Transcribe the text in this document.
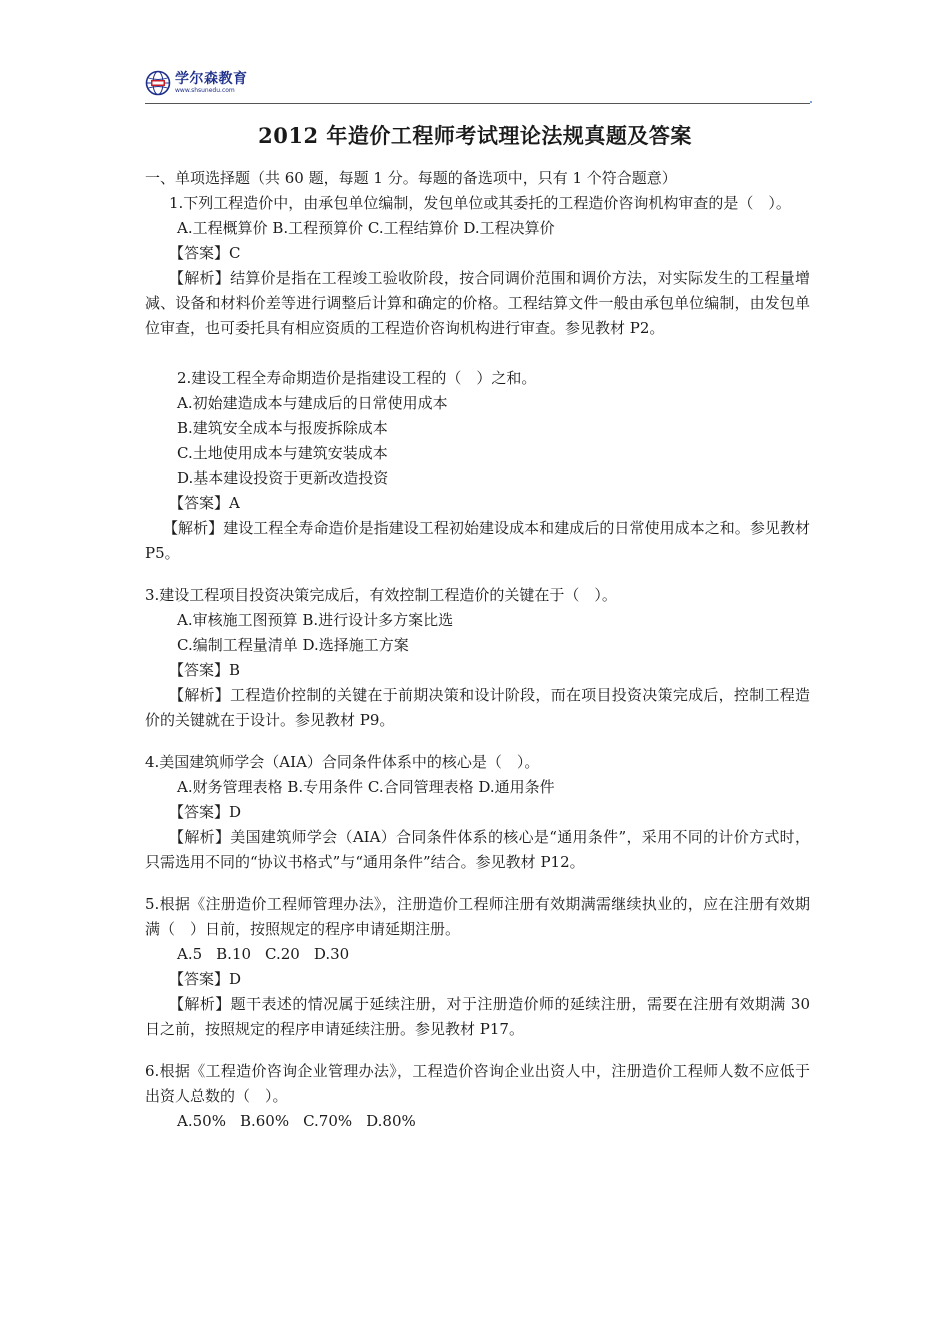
学尔森教育
www.shsunedu.com
2012 年造价工程师考试理论法规真题及答案
一、单项选择题（共 60 题，每题 1 分。每题的备选项中，只有 1 个符合题意）
1.下列工程造价中，由承包单位编制，发包单位或其委托的工程造价咨询机构审查的是（　）。
A.工程概算价 B.工程预算价 C.工程结算价 D.工程决算价
【答案】C
【解析】结算价是指在工程竣工验收阶段，按合同调价范围和调价方法，对实际发生的工程量增减、设备和材料价差等进行调整后计算和确定的价格。工程结算文件一般由承包单位编制，由发包单位审查，也可委托具有相应资质的工程造价咨询机构进行审查。参见教材 P2。
2.建设工程全寿命期造价是指建设工程的（　）之和。
A.初始建造成本与建成后的日常使用成本
B.建筑安全成本与报废拆除成本
C.土地使用成本与建筑安装成本
D.基本建设投资于更新改造投资
【答案】A
【解析】建设工程全寿命造价是指建设工程初始建设成本和建成后的日常使用成本之和。参见教材 P5。
3.建设工程项目投资决策完成后，有效控制工程造价的关键在于（　）。
A.审核施工图预算 B.进行设计多方案比选
C.编制工程量清单 D.选择施工方案
【答案】B
【解析】工程造价控制的关键在于前期决策和设计阶段，而在项目投资决策完成后，控制工程造价的关键就在于设计。参见教材 P9。
4.美国建筑师学会（AIA）合同条件体系中的核心是（　）。
A.财务管理表格 B.专用条件 C.合同管理表格 D.通用条件
【答案】D
【解析】美国建筑师学会（AIA）合同条件体系的核心是“通用条件”，采用不同的计价方式时，只需选用不同的“协议书格式”与“通用条件”结合。参见教材 P12。
5.根据《注册造价工程师管理办法》，注册造价工程师注册有效期满需继续执业的，应在注册有效期满（　）日前，按照规定的程序申请延期注册。
A.5 B.10 C.20 D.30
【答案】D
【解析】题干表述的情况属于延续注册，对于注册造价师的延续注册，需要在注册有效期满 30 日之前，按照规定的程序申请延续注册。参见教材 P17。
6.根据《工程造价咨询企业管理办法》，工程造价咨询企业出资人中，注册造价工程师人数不应低于出资人总数的（　）。
A.50% B.60% C.70% D.80%
